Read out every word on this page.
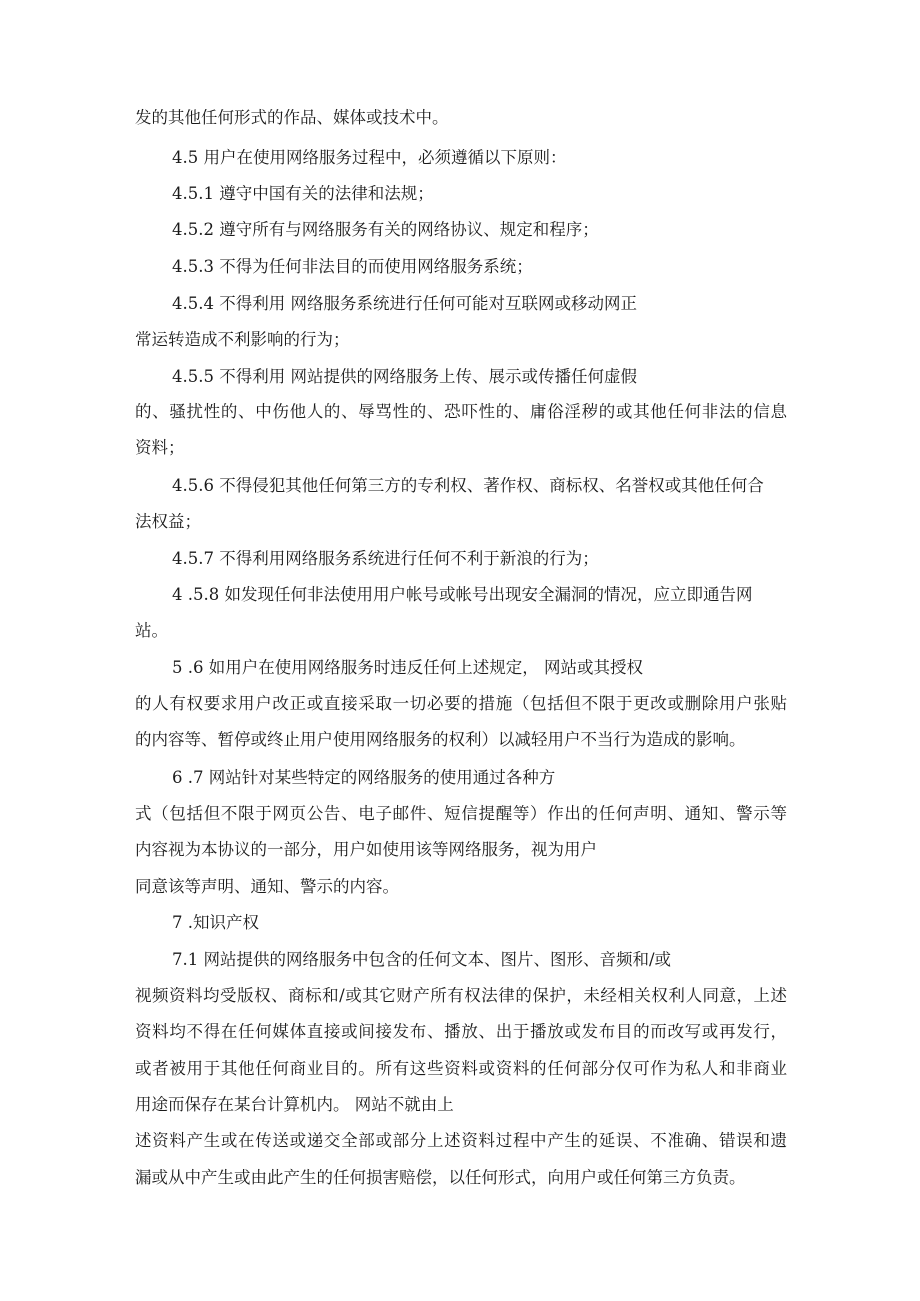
发的其他任何形式的作品、媒体或技术中。

4.5 用户在使用网络服务过程中，必须遵循以下原则：

4.5.1 遵守中国有关的法律和法规；

4.5.2 遵守所有与网络服务有关的网络协议、规定和程序；

4.5.3 不得为任何非法目的而使用网络服务系统；

4.5.4 不得利用 网络服务系统进行任何可能对互联网或移动网正

常运转造成不利影响的行为；

4.5.5 不得利用 网站提供的网络服务上传、展示或传播任何虚假

的、骚扰性的、中伤他人的、辱骂性的、恐吓性的、庸俗淫秽的或其他任何非法的信息

资料；

4.5.6 不得侵犯其他任何第三方的专利权、著作权、商标权、名誉权或其他任何合

法权益；

4.5.7 不得利用网络服务系统进行任何不利于新浪的行为；

4 .5.8 如发现任何非法使用用户帐号或帐号出现安全漏洞的情况，应立即通告网

站。

5 .6 如用户在使用网络服务时违反任何上述规定， 网站或其授权

的人有权要求用户改正或直接采取一切必要的措施（包括但不限于更改或删除用户张贴

的内容等、暂停或终止用户使用网络服务的权利）以减轻用户不当行为造成的影响。

6 .7 网站针对某些特定的网络服务的使用通过各种方

式（包括但不限于网页公告、电子邮件、短信提醒等）作出的任何声明、通知、警示等

内容视为本协议的一部分，用户如使用该等网络服务，视为用户

同意该等声明、通知、警示的内容。

7 .知识产权

7.1 网站提供的网络服务中包含的任何文本、图片、图形、音频和/或

视频资料均受版权、商标和/或其它财产所有权法律的保护，未经相关权利人同意，上述

资料均不得在任何媒体直接或间接发布、播放、出于播放或发布目的而改写或再发行，

或者被用于其他任何商业目的。所有这些资料或资料的任何部分仅可作为私人和非商业

用途而保存在某台计算机内。 网站不就由上

述资料产生或在传送或递交全部或部分上述资料过程中产生的延误、不准确、错误和遗

漏或从中产生或由此产生的任何损害赔偿，以任何形式，向用户或任何第三方负责。
